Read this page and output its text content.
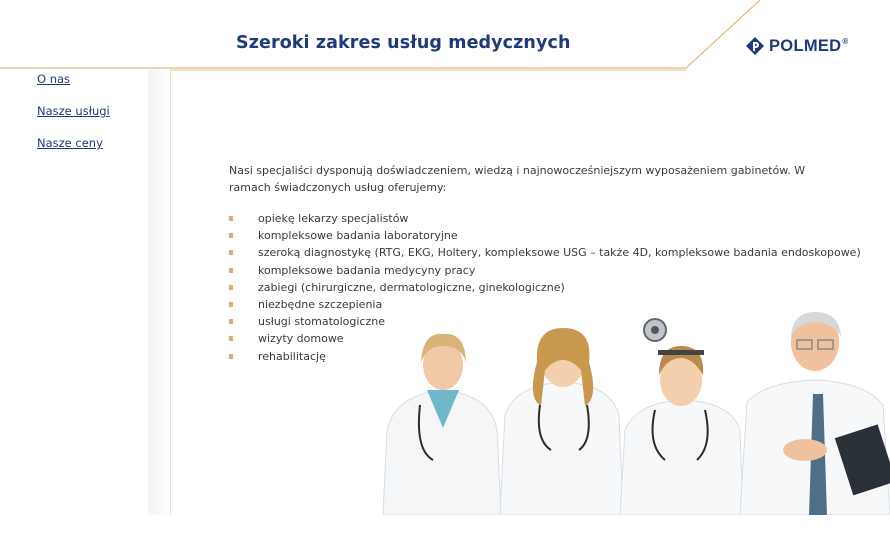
Szeroki zakres usług medycznych	POLMED®
O nas
Nasze usługi
Nasze ceny

Nasi specjaliści dysponują doświadczeniem, wiedzą i najnowocześniejszym wyposażeniem gabinetów. W ramach świadczonych usług oferujemy:

opiekę lekarzy specjalistów
kompleksowe badania laboratoryjne
szeroką diagnostykę (RTG, EKG, Holtery, kompleksowe USG – także 4D, kompleksowe badania endoskopowe)
kompleksowe badania medycyny pracy
zabiegi (chirurgiczne, dermatologiczne, ginekologiczne)
niezbędne szczepienia
usługi stomatologiczne
wizyty domowe
rehabilitację
